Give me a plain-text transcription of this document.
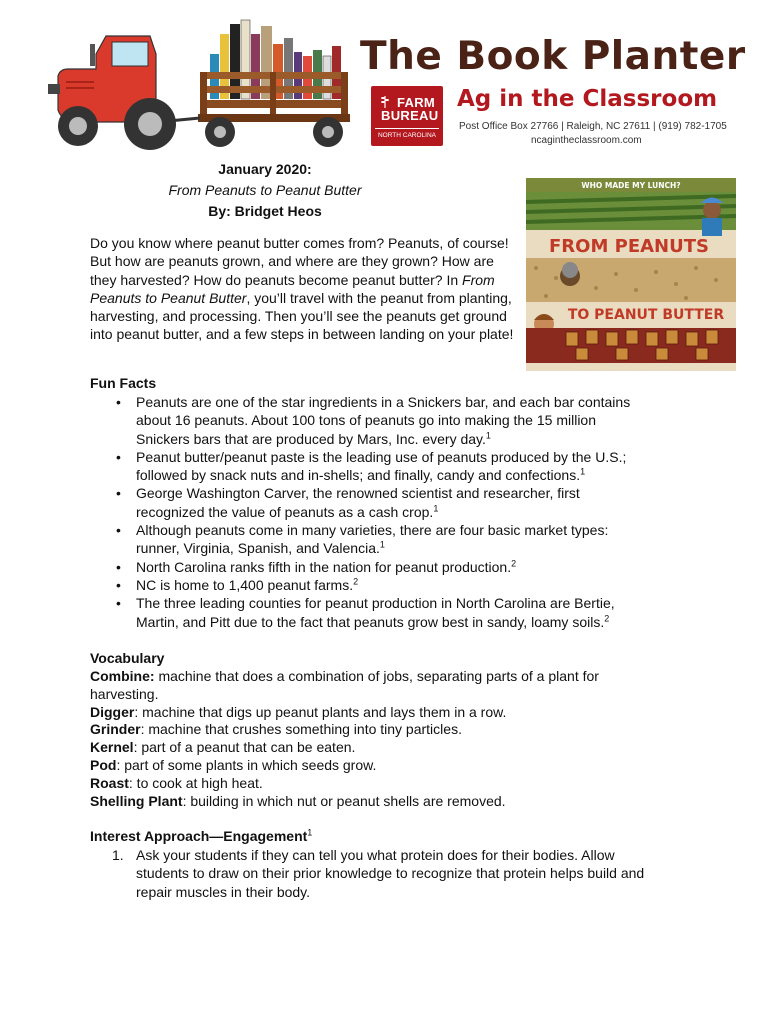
The Book Planter
FARM
BUREAU
NORTH CAROLINA
Ag in the Classroom
Post Office Box 27766 | Raleigh, NC 27611 | (919) 782-1705
ncagintheclassroom.com
January 2020:
From Peanuts to Peanut Butter
By: Bridget Heos
WHO MADE MY LUNCH?
FROM PEANUTS
TO PEANUT BUTTER
BY BRIDGET HEOS · ILLUSTRATED BY GERALD CLAUDE GUERLAIS
Do you know where peanut butter comes from? Peanuts, of course! But how are peanuts grown, and where are they grown? How are they harvested? How do peanuts become peanut butter? In From Peanuts to Peanut Butter, you’ll travel with the peanut from planting, harvesting, and processing. Then you’ll see the peanuts get ground into peanut butter, and a few steps in between landing on your plate!
Fun Facts
• Peanuts are one of the star ingredients in a Snickers bar, and each bar contains about 16 peanuts. About 100 tons of peanuts go into making the 15 million Snickers bars that are produced by Mars, Inc. every day.$^1$
• Peanut butter/peanut paste is the leading use of peanuts produced by the U.S.; followed by snack nuts and in-shells; and finally, candy and confections.$^1$
• George Washington Carver, the renowned scientist and researcher, first recognized the value of peanuts as a cash crop.$^1$
• Although peanuts come in many varieties, there are four basic market types: runner, Virginia, Spanish, and Valencia.$^1$
• North Carolina ranks fifth in the nation for peanut production.$^2$
• NC is home to 1,400 peanut farms.$^2$
• The three leading counties for peanut production in North Carolina are Bertie, Martin, and Pitt due to the fact that peanuts grow best in sandy, loamy soils.$^2$
Vocabulary
Combine: machine that does a combination of jobs, separating parts of a plant for harvesting.
Digger: machine that digs up peanut plants and lays them in a row.
Grinder: machine that crushes something into tiny particles.
Kernel: part of a peanut that can be eaten.
Pod: part of some plants in which seeds grow.
Roast: to cook at high heat.
Shelling Plant: building in which nut or peanut shells are removed.
Interest Approach—Engagement$^1$
1. Ask your students if they can tell you what protein does for their bodies. Allow students to draw on their prior knowledge to recognize that protein helps build and repair muscles in their body.
